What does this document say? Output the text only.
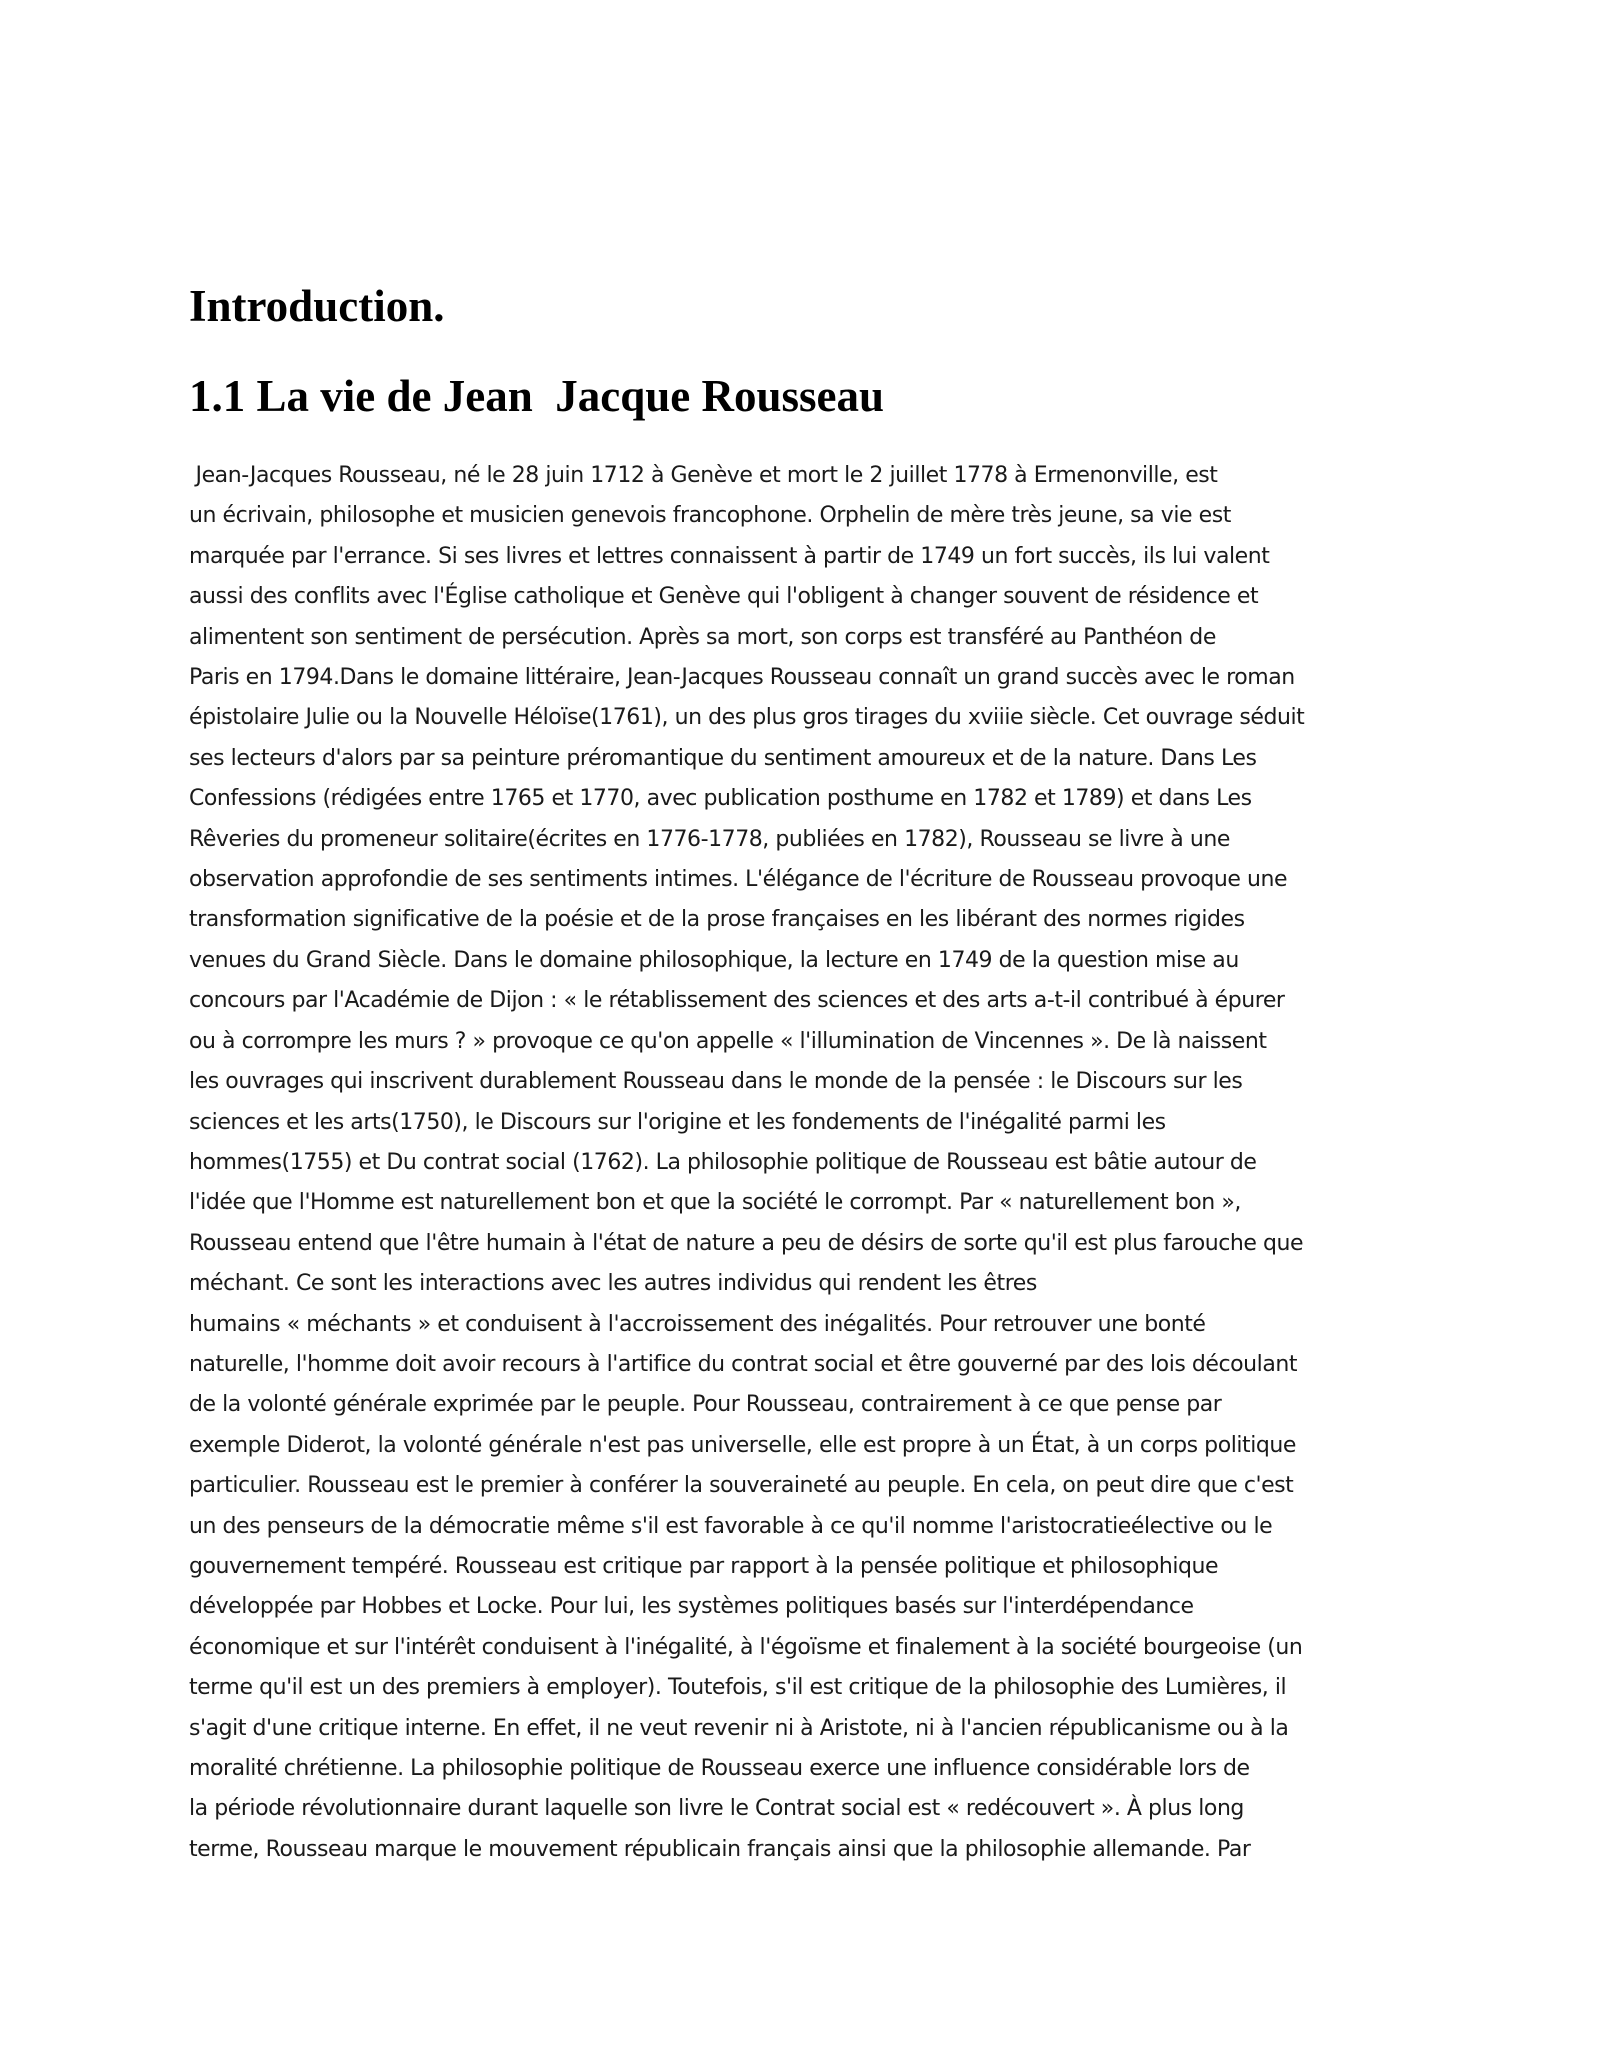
Introduction.
1.1 La vie de Jean  Jacque Rousseau

Jean-Jacques Rousseau, né le 28 juin 1712 à Genève et mort le 2 juillet 1778 à Ermenonville, est

un écrivain, philosophe et musicien genevois francophone. Orphelin de mère très jeune, sa vie est

marquée par l'errance. Si ses livres et lettres connaissent à partir de 1749 un fort succès, ils lui valent

aussi des conflits avec l'Église catholique et Genève qui l'obligent à changer souvent de résidence et

alimentent son sentiment de persécution. Après sa mort, son corps est transféré au Panthéon de

Paris en 1794.Dans le domaine littéraire, Jean-Jacques Rousseau connaît un grand succès avec le roman

épistolaire Julie ou la Nouvelle Héloïse(1761), un des plus gros tirages du xviiie siècle. Cet ouvrage séduit

ses lecteurs d'alors par sa peinture préromantique du sentiment amoureux et de la nature. Dans Les

Confessions (rédigées entre 1765 et 1770, avec publication posthume en 1782 et 1789) et dans Les

Rêveries du promeneur solitaire(écrites en 1776-1778, publiées en 1782), Rousseau se livre à une

observation approfondie de ses sentiments intimes. L'élégance de l'écriture de Rousseau provoque une

transformation significative de la poésie et de la prose françaises en les libérant des normes rigides

venues du Grand Siècle. Dans le domaine philosophique, la lecture en 1749 de la question mise au

concours par l'Académie de Dijon : « le rétablissement des sciences et des arts a-t-il contribué à épurer

ou à corrompre les murs ? » provoque ce qu'on appelle « l'illumination de Vincennes ». De là naissent

les ouvrages qui inscrivent durablement Rousseau dans le monde de la pensée : le Discours sur les

sciences et les arts(1750), le Discours sur l'origine et les fondements de l'inégalité parmi les

hommes(1755) et Du contrat social (1762). La philosophie politique de Rousseau est bâtie autour de

l'idée que l'Homme est naturellement bon et que la société le corrompt. Par « naturellement bon »,

Rousseau entend que l'être humain à l'état de nature a peu de désirs de sorte qu'il est plus farouche que

méchant. Ce sont les interactions avec les autres individus qui rendent les êtres

humains « méchants » et conduisent à l'accroissement des inégalités. Pour retrouver une bonté

naturelle, l'homme doit avoir recours à l'artifice du contrat social et être gouverné par des lois découlant

de la volonté générale exprimée par le peuple. Pour Rousseau, contrairement à ce que pense par

exemple Diderot, la volonté générale n'est pas universelle, elle est propre à un État, à un corps politique

particulier. Rousseau est le premier à conférer la souveraineté au peuple. En cela, on peut dire que c'est

un des penseurs de la démocratie même s'il est favorable à ce qu'il nomme l'aristocratieélective ou le

gouvernement tempéré. Rousseau est critique par rapport à la pensée politique et philosophique

développée par Hobbes et Locke. Pour lui, les systèmes politiques basés sur l'interdépendance

économique et sur l'intérêt conduisent à l'inégalité, à l'égoïsme et finalement à la société bourgeoise (un

terme qu'il est un des premiers à employer). Toutefois, s'il est critique de la philosophie des Lumières, il

s'agit d'une critique interne. En effet, il ne veut revenir ni à Aristote, ni à l'ancien républicanisme ou à la

moralité chrétienne. La philosophie politique de Rousseau exerce une influence considérable lors de

la période révolutionnaire durant laquelle son livre le Contrat social est « redécouvert ». À plus long

terme, Rousseau marque le mouvement républicain français ainsi que la philosophie allemande. Par
